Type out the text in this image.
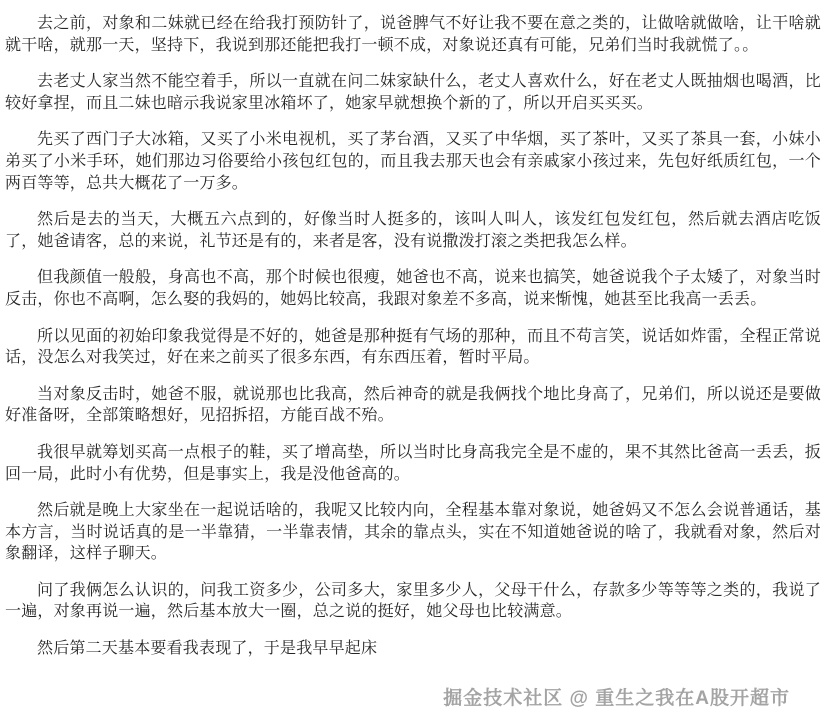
去之前，对象和二妹就已经在给我打预防针了，说爸脾气不好让我不要在意之类的，让做啥就做啥，让干啥就就干啥，就那一天，坚持下，我说到那还能把我打一顿不成，对象说还真有可能，兄弟们当时我就慌了。。

去老丈人家当然不能空着手，所以一直就在问二妹家缺什么，老丈人喜欢什么，好在老丈人既抽烟也喝酒，比较好拿捏，而且二妹也暗示我说家里冰箱坏了，她家早就想换个新的了，所以开启买买买。

先买了西门子大冰箱，又买了小米电视机，买了茅台酒，又买了中华烟，买了茶叶，又买了茶具一套，小妹小弟买了小米手环，她们那边习俗要给小孩包红包的，而且我去那天也会有亲戚家小孩过来，先包好纸质红包，一个两百等等，总共大概花了一万多。

然后是去的当天，大概五六点到的，好像当时人挺多的，该叫人叫人，该发红包发红包，然后就去酒店吃饭了，她爸请客，总的来说，礼节还是有的，来者是客，没有说撒泼打滚之类把我怎么样。

但我颜值一般般，身高也不高，那个时候也很瘦，她爸也不高，说来也搞笑，她爸说我个子太矮了，对象当时反击，你也不高啊，怎么娶的我妈的，她妈比较高，我跟对象差不多高，说来惭愧，她甚至比我高一丢丢。

所以见面的初始印象我觉得是不好的，她爸是那种挺有气场的那种，而且不苟言笑，说话如炸雷，全程正常说话，没怎么对我笑过，好在来之前买了很多东西，有东西压着，暂时平局。

当对象反击时，她爸不服，就说那也比我高，然后神奇的就是我俩找个地比身高了，兄弟们，所以说还是要做好准备呀，全部策略想好，见招拆招，方能百战不殆。

我很早就筹划买高一点根子的鞋，买了增高垫，所以当时比身高我完全是不虚的，果不其然比爸高一丢丢，扳回一局，此时小有优势，但是事实上，我是没他爸高的。

然后就是晚上大家坐在一起说话啥的，我呢又比较内向，全程基本靠对象说，她爸妈又不怎么会说普通话，基本方言，当时说话真的是一半靠猜，一半靠表情，其余的靠点头，实在不知道她爸说的啥了，我就看对象，然后对象翻译，这样子聊天。

问了我俩怎么认识的，问我工资多少，公司多大，家里多少人，父母干什么，存款多少等等等之类的，我说了一遍，对象再说一遍，然后基本放大一圈，总之说的挺好，她父母也比较满意。

然后第二天基本要看我表现了，于是我早早起床

掘金技术社区 @ 重生之我在A股开超市
